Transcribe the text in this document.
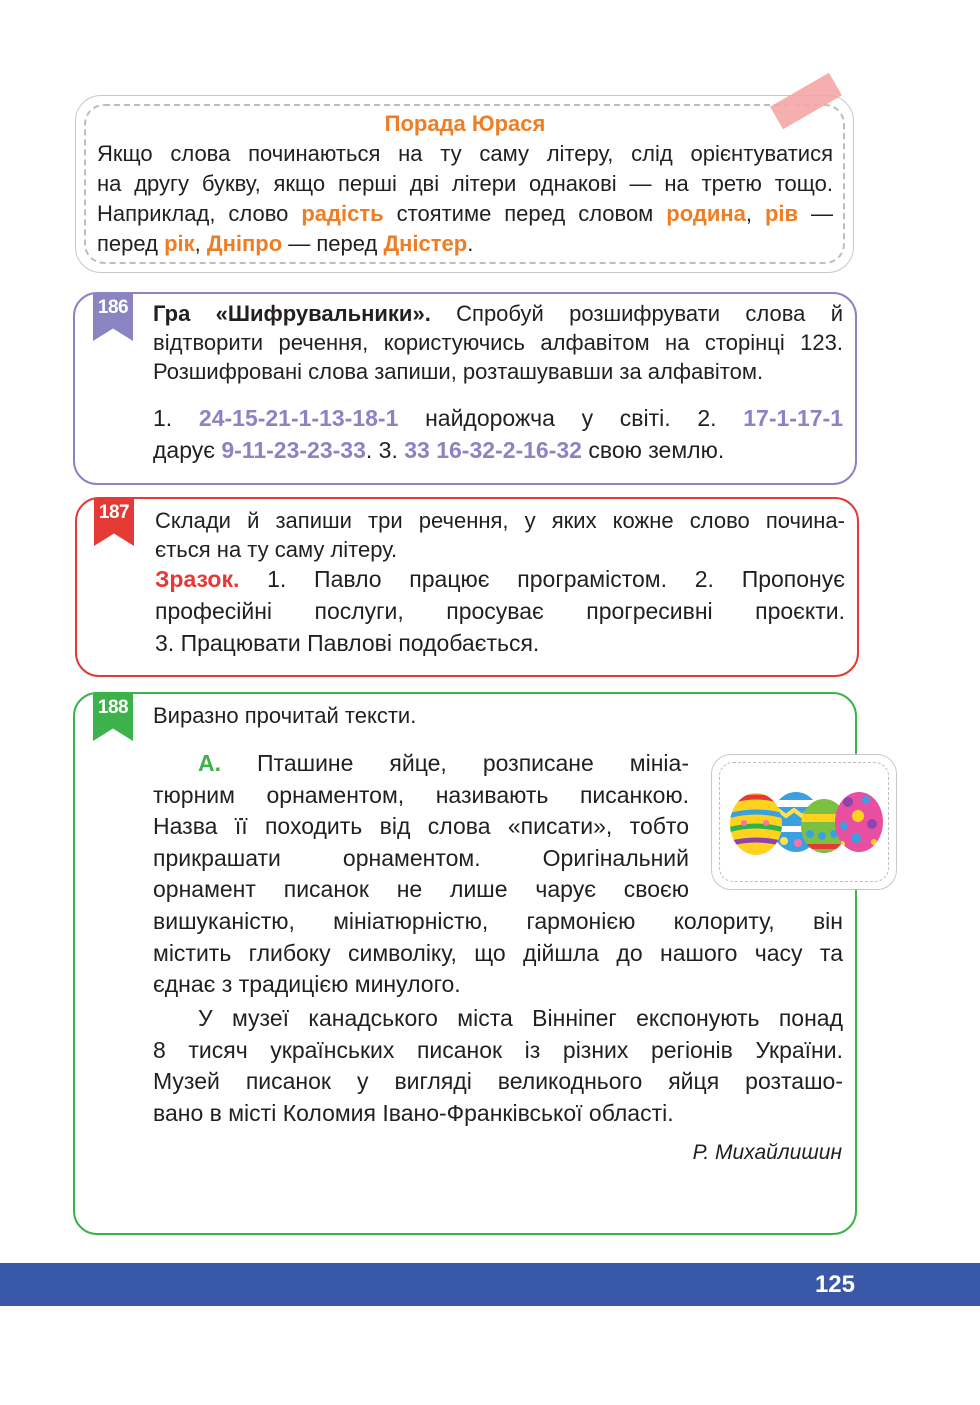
Порада Юрася
Якщо слова починаються на ту саму літеру, слід орієнтуватися
на другу букву, якщо перші дві літери однакові — на третю тощо.
Наприклад, слово радість стоятиме перед словом родина, рів —
перед рік, Дніпро — перед Дністер.
186 Гра «Шифрувальники». Спробуй розшифрувати слова й
відтворити речення, користуючись алфавітом на сторінці 123.
Розшифровані слова запиши, розташувавши за алфавітом.
1. 24-15-21-1-13-18-1 найдорожча у світі. 2. 17-1-17-1
дарує 9-11-23-23-33. 3. 33 16-32-2-16-32 свою землю.
187 Склади й запиши три речення, у яких кожне слово почина-
ється на ту саму літеру.
Зразок. 1. Павло працює програмістом. 2. Пропонує
професійні послуги, просуває прогресивні проєкти.
3. Працювати Павлові подобається.
188 Виразно прочитай тексти.
А. Пташине яйце, розписане мініа-
тюрним орнаментом, називають писанкою.
Назва її походить від слова «писати», тобто
прикрашати орнаментом. Оригінальний
орнамент писанок не лише чарує своєю
вишуканістю, мініатюрністю, гармонією колориту, він
містить глибоку символіку, що дійшла до нашого часу та
єднає з традицією минулого.
У музеї канадського міста Вінніпег експонують понад
8 тисяч українських писанок із різних регіонів України.
Музей писанок у вигляді великоднього яйця розташо-
вано в місті Коломия Івано-Франківської області.
Р. Михайлишин
125
